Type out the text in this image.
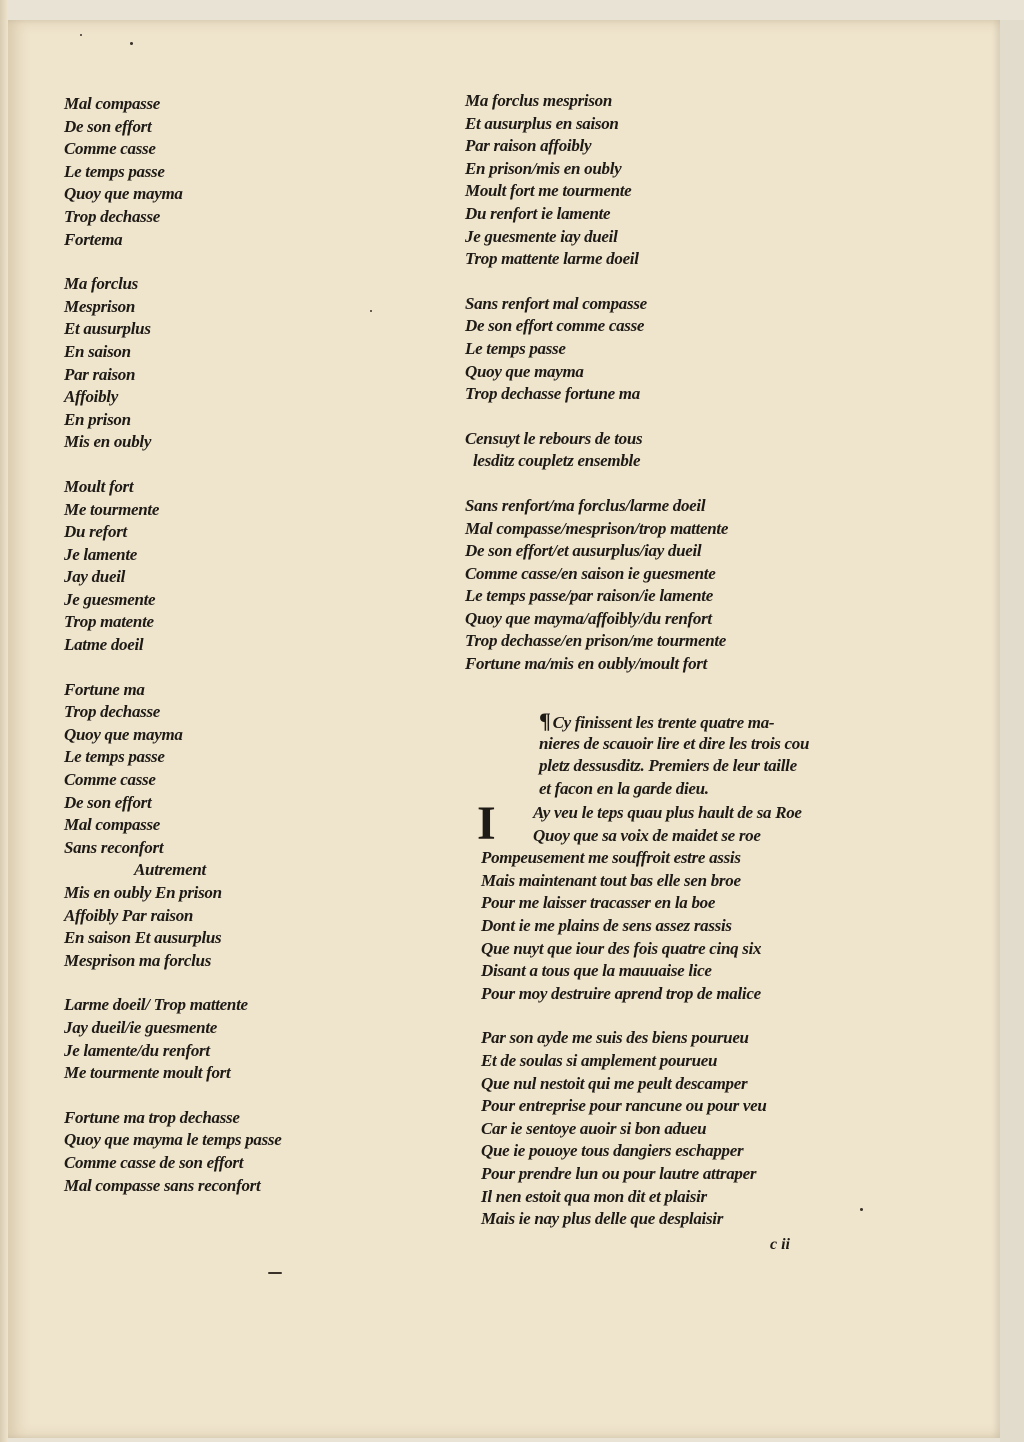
Mal compasse
De son effort
Comme casse
Le temps passe
Quoy que mayma
Trop dechasse
Fortema
Ma forclus
Mesprison
Et ausurplus
En saison
Par raison
Affoibly
En prison
Mis en oubly
Moult fort
Me tourmente
Du refort
Je lamente
Jay dueil
Je guesmente
Trop matente
Latme doeil
Fortune ma
Trop dechasse
Quoy que mayma
Le temps passe
Comme casse
De son effort
Mal compasse
Sans reconfort
Autrement
Mis en oubly En prison
Affoibly Par raison
En saison Et ausurplus
Mesprison ma forclus
Larme doeil/ Trop mattente
Jay dueil/ie guesmente
Je lamente/du renfort
Me tourmente moult fort
Fortune ma trop dechasse
Quoy que mayma le temps passe
Comme casse de son effort
Mal compasse sans reconfort
Ma forclus mesprison
Et ausurplus en saison
Par raison affoibly
En prison/mis en oubly
Moult fort me tourmente
Du renfort ie lamente
Je guesmente iay dueil
Trop mattente larme doeil
Sans renfort mal compasse
De son effort comme casse
Le temps passe
Quoy que mayma
Trop dechasse fortune ma
Censuyt le rebours de tous
lesditz coupletz ensemble
Sans renfort/ma forclus/larme doeil
Mal compasse/mesprison/trop mattente
De son effort/et ausurplus/iay dueil
Comme casse/en saison ie guesmente
Le temps passe/par raison/ie lamente
Quoy que mayma/affoibly/du renfort
Trop dechasse/en prison/me tourmente
Fortune ma/mis en oubly/moult fort
¶ Cy finissent les trente quatre ma-
nieres de scauoir lire et dire les trois cou
pletz dessusditz. Premiers de leur taille
et facon en la garde dieu.
I	Ay veu le teps quau plus hault de sa Roe
Quoy que sa voix de maidet se roe
Pompeusement me souffroit estre assis
Mais maintenant tout bas elle sen broe
Pour me laisser tracasser en la boe
Dont ie me plains de sens assez rassis
Que nuyt que iour des fois quatre cinq six
Disant a tous que la mauuaise lice
Pour moy destruire aprend trop de malice
Par son ayde me suis des biens pourueu
Et de soulas si amplement pourueu
Que nul nestoit qui me peult descamper
Pour entreprise pour rancune ou pour veu
Car ie sentoye auoir si bon adueu
Que ie pouoye tous dangiers eschapper
Pour prendre lun ou pour lautre attraper
Il nen estoit qua mon dit et plaisir
Mais ie nay plus delle que desplaisir
c ii
